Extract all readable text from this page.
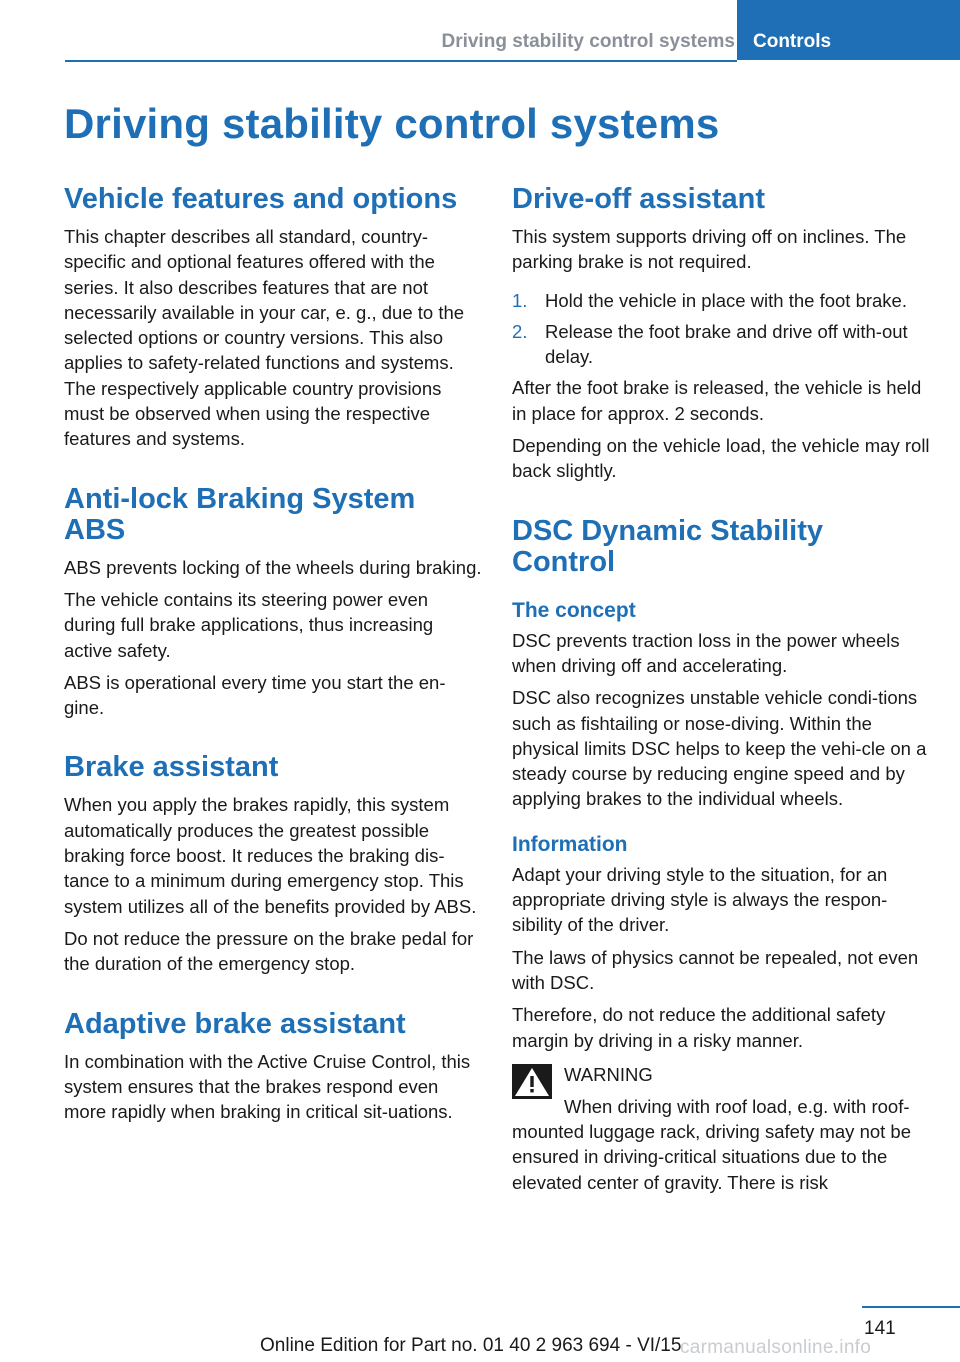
Driving stability control systems Controls
Driving stability control systems
Vehicle features and options

This chapter describes all standard, country-specific and optional features offered with the series. It also describes features that are not necessarily available in your car, e. g., due to the selected options or country versions. This also applies to safety-related functions and systems. The respectively applicable country provisions must be observed when using the respective features and systems.

Anti-lock Braking System ABS

ABS prevents locking of the wheels during braking.

The vehicle contains its steering power even during full brake applications, thus increasing active safety.

ABS is operational every time you start the en-gine.

Brake assistant

When you apply the brakes rapidly, this system automatically produces the greatest possible braking force boost. It reduces the braking dis-tance to a minimum during emergency stop. This system utilizes all of the benefits provided by ABS.

Do not reduce the pressure on the brake pedal for the duration of the emergency stop.

Adaptive brake assistant

In combination with the Active Cruise Control, this system ensures that the brakes respond even more rapidly when braking in critical sit-uations.

Drive-off assistant

This system supports driving off on inclines. The parking brake is not required.

1. Hold the vehicle in place with the foot brake.
2. Release the foot brake and drive off with-out delay.

After the foot brake is released, the vehicle is held in place for approx. 2 seconds.

Depending on the vehicle load, the vehicle may roll back slightly.

DSC Dynamic Stability Control
The concept

DSC prevents traction loss in the power wheels when driving off and accelerating.

DSC also recognizes unstable vehicle condi-tions such as fishtailing or nose-diving. Within the physical limits DSC helps to keep the vehi-cle on a steady course by reducing engine speed and by applying brakes to the individual wheels.

Information

Adapt your driving style to the situation, for an appropriate driving style is always the respon-sibility of the driver.

The laws of physics cannot be repealed, not even with DSC.

Therefore, do not reduce the additional safety margin by driving in a risky manner.

WARNING

When driving with roof load, e.g. with roof-mounted luggage rack, driving safety may not be ensured in driving-critical situations due to the elevated center of gravity. There is risk

141
Online Edition for Part no. 01 40 2 963 694 - VI/15
carmanualsonline.info
